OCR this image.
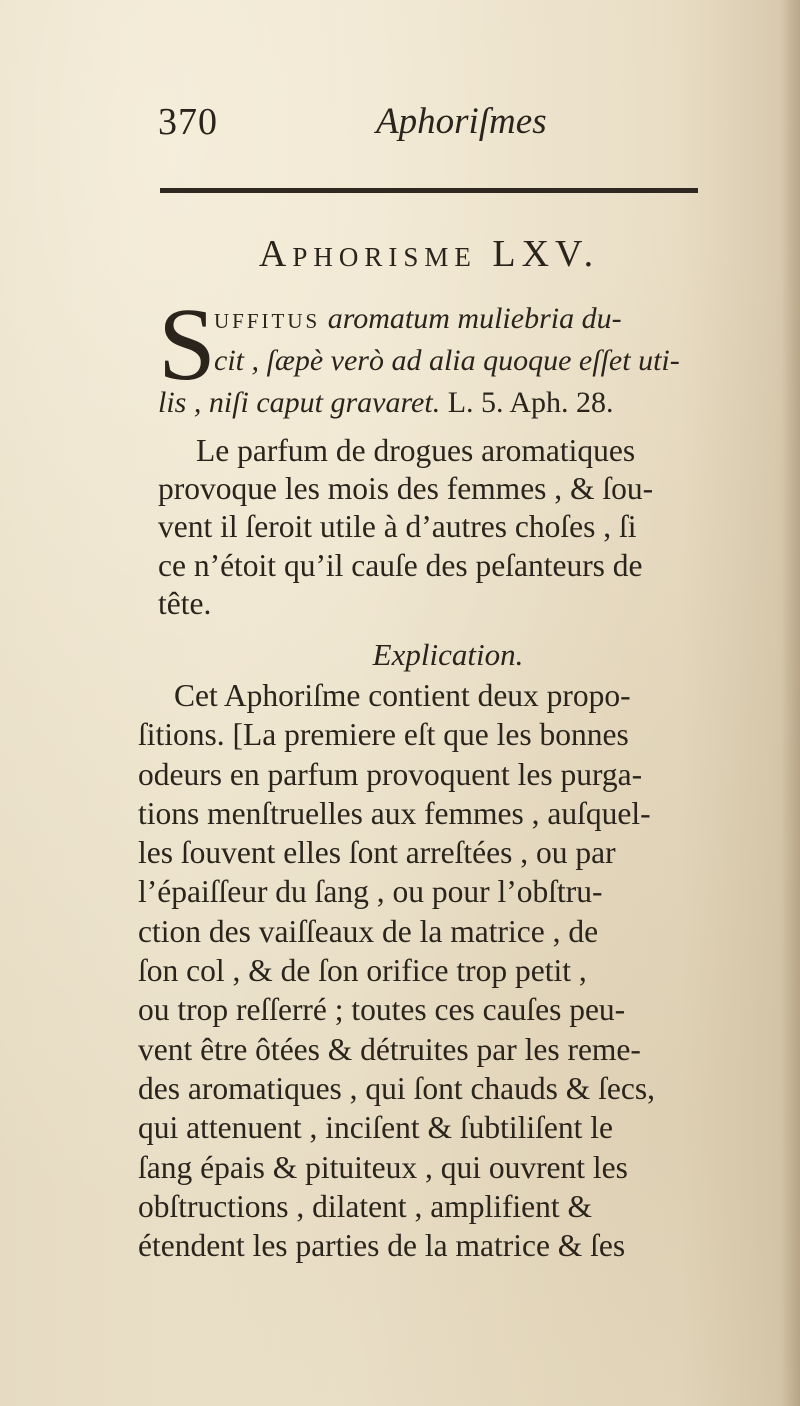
370	Aphoriſmes
Aphorisme LXV.
S
uffitus aromatum muliebria du-
cit , ſæpè verò ad alia quoque eſſet uti-
lis , niſi caput gravaret. L. 5. Aph. 28.
Le parfum de drogues aromatiques
provoque les mois des femmes , & ſou-
vent il ſeroit utile à d’autres choſes , ſi
ce n’étoit qu’il cauſe des peſanteurs de
tête.
Explication.
Cet Aphoriſme contient deux propo-
ſitions. [La premiere eſt que les bonnes
odeurs en parfum provoquent les purga-
tions menſtruelles aux femmes , auſquel-
les ſouvent elles ſont arreſtées , ou par
l’épaiſſeur du ſang , ou pour l’obſtru-
ction des vaiſſeaux de la matrice , de
ſon col , & de ſon orifice trop petit ,
ou trop reſſerré ; toutes ces cauſes peu-
vent être ôtées & détruites par les reme-
des aromatiques , qui ſont chauds & ſecs,
qui attenuent , inciſent & ſubtiliſent le
ſang épais & pituiteux , qui ouvrent les
obſtructions , dilatent , amplifient &
étendent les parties de la matrice & ſes
